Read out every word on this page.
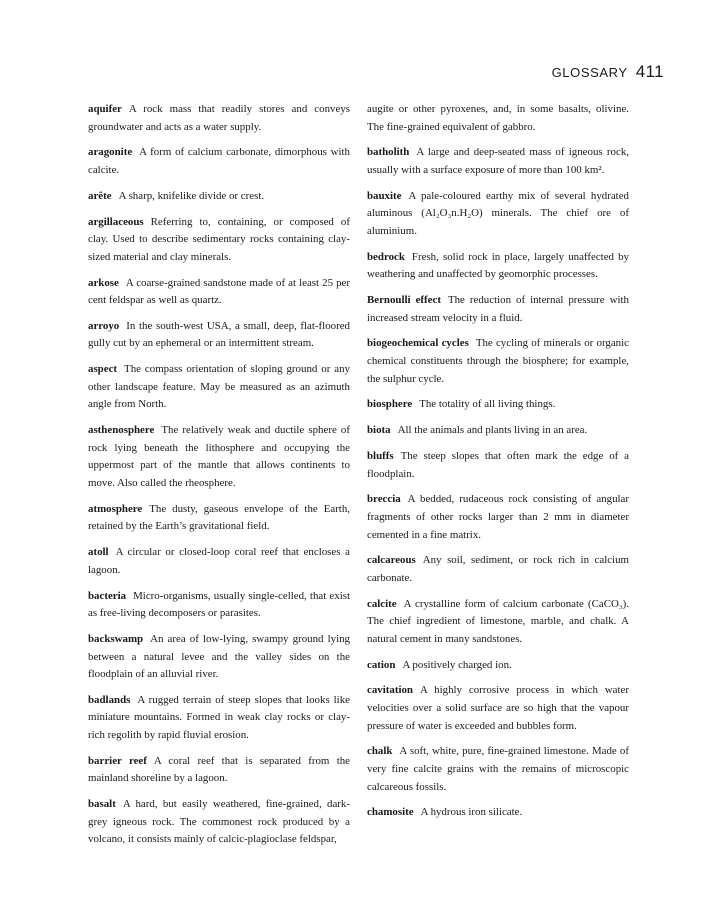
GLOSSARY 411

aquifer A rock mass that readily stores and conveys groundwater and acts as a water supply.

aragonite A form of calcium carbonate, dimorphous with calcite.

arête A sharp, knifelike divide or crest.

argillaceous Referring to, containing, or composed of clay. Used to describe sedimentary rocks containing clay-sized material and clay minerals.

arkose A coarse-grained sandstone made of at least 25 per cent feldspar as well as quartz.

arroyo In the south-west USA, a small, deep, flat-floored gully cut by an ephemeral or an intermittent stream.

aspect The compass orientation of sloping ground or any other landscape feature. May be measured as an azimuth angle from North.

asthenosphere The relatively weak and ductile sphere of rock lying beneath the lithosphere and occupying the uppermost part of the mantle that allows continents to move. Also called the rheosphere.

atmosphere The dusty, gaseous envelope of the Earth, retained by the Earth’s gravitational field.

atoll A circular or closed-loop coral reef that encloses a lagoon.

bacteria Micro-organisms, usually single-celled, that exist as free-living decomposers or parasites.

backswamp An area of low-lying, swampy ground lying between a natural levee and the valley sides on the floodplain of an alluvial river.

badlands A rugged terrain of steep slopes that looks like miniature mountains. Formed in weak clay rocks or clay-rich regolith by rapid fluvial erosion.

barrier reef A coral reef that is separated from the mainland shoreline by a lagoon.

basalt A hard, but easily weathered, fine-grained, dark-grey igneous rock. The commonest rock produced by a volcano, it consists mainly of calcic-plagioclase feldspar,

augite or other pyroxenes, and, in some basalts, olivine. The fine-grained equivalent of gabbro.

batholith A large and deep-seated mass of igneous rock, usually with a surface exposure of more than 100 km².

bauxite A pale-coloured earthy mix of several hydrated aluminous (Al₂O₃n.H₂O) minerals. The chief ore of aluminium.

bedrock Fresh, solid rock in place, largely unaffected by weathering and unaffected by geomorphic processes.

Bernoulli effect The reduction of internal pressure with increased stream velocity in a fluid.

biogeochemical cycles The cycling of minerals or organic chemical constituents through the biosphere; for example, the sulphur cycle.

biosphere The totality of all living things.

biota All the animals and plants living in an area.

bluffs The steep slopes that often mark the edge of a floodplain.

breccia A bedded, rudaceous rock consisting of angular fragments of other rocks larger than 2 mm in diameter cemented in a fine matrix.

calcareous Any soil, sediment, or rock rich in calcium carbonate.

calcite A crystalline form of calcium carbonate (CaCO₃). The chief ingredient of limestone, marble, and chalk. A natural cement in many sandstones.

cation A positively charged ion.

cavitation A highly corrosive process in which water velocities over a solid surface are so high that the vapour pressure of water is exceeded and bubbles form.

chalk A soft, white, pure, fine-grained limestone. Made of very fine calcite grains with the remains of microscopic calcareous fossils.

chamosite A hydrous iron silicate.
